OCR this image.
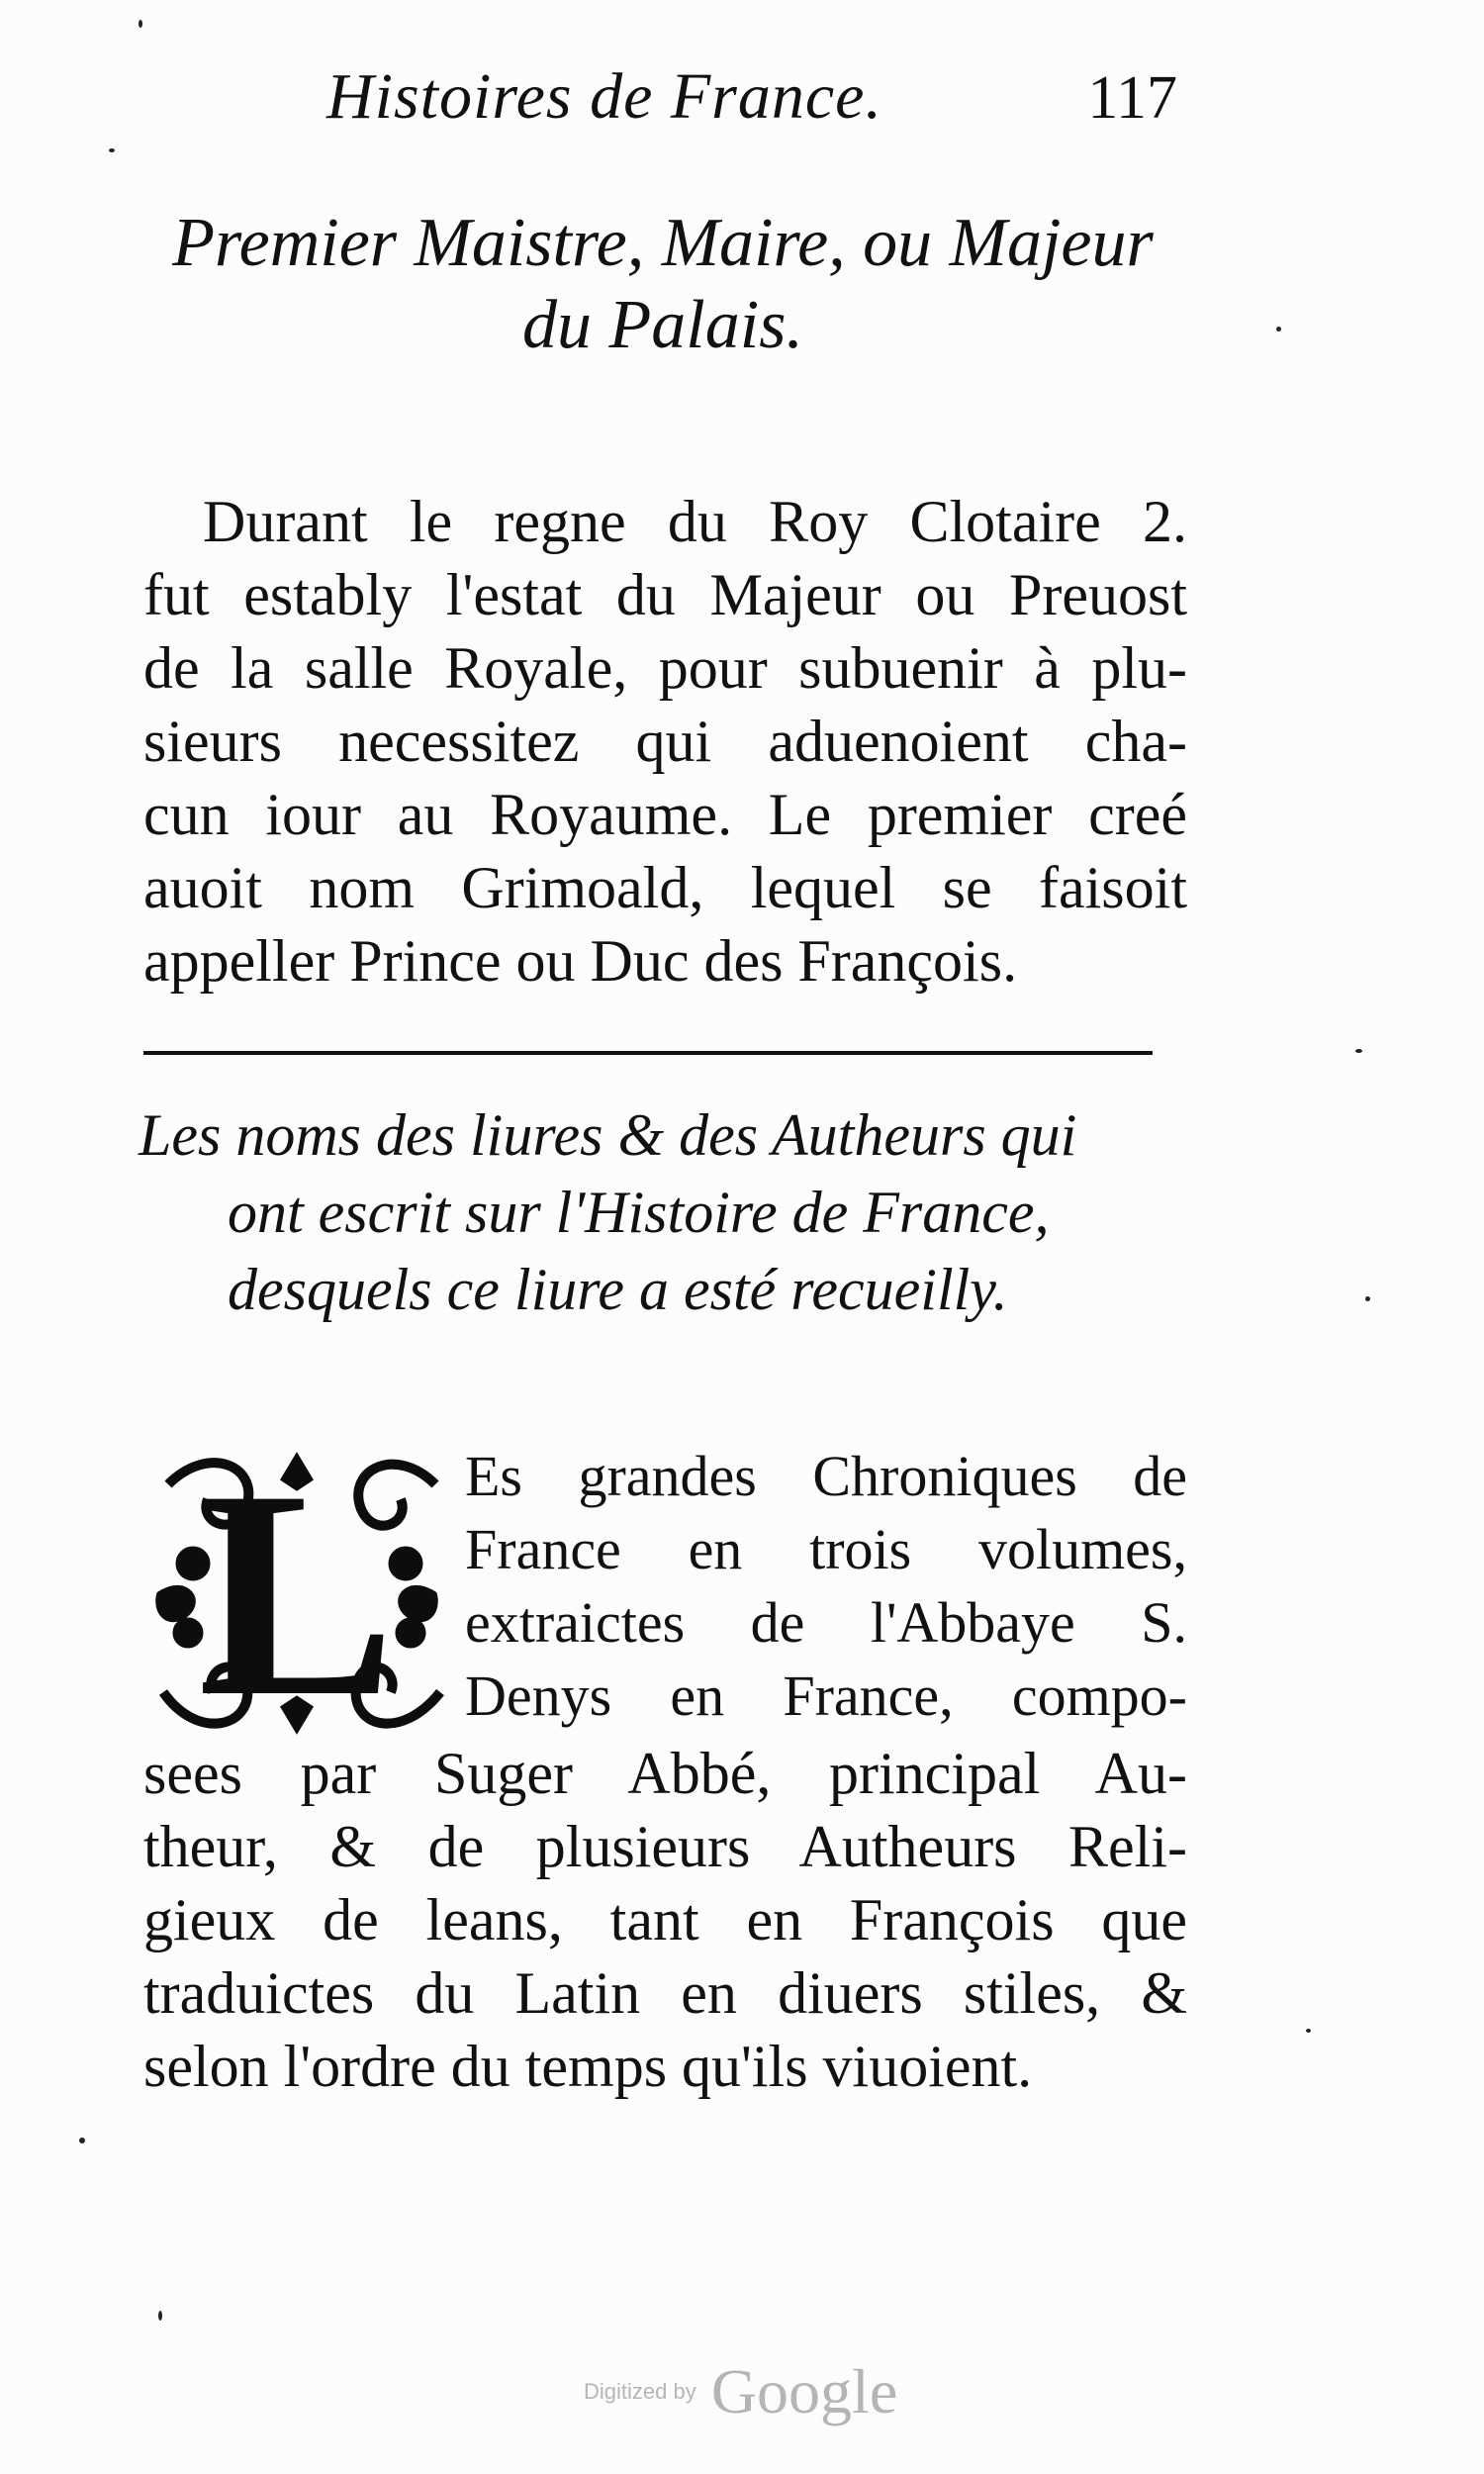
Histoires de France.	117
Premier Maistre, Maire, ou Majeur
du Palais.
Durant le regne du Roy Clotaire 2.
fut estably l'estat du Majeur ou Preuost
de la salle Royale, pour subuenir à plu-
sieurs necessitez qui aduenoient cha-
cun iour au Royaume. Le premier creé
auoit nom Grimoald, lequel se faisoit
appeller Prince ou Duc des François.
Les noms des liures & des Autheurs qui
ont escrit sur l'Histoire de France,
desquels ce liure a esté recueilly.
L	Es grandes Chroniques de
France en trois volumes,
extraictes de l'Abbaye S.
Denys en France, compo-
sees par Suger Abbé, principal Au-
theur, & de plusieurs Autheurs Reli-
gieux de leans, tant en François que
traduictes du Latin en diuers stiles, &
selon l'ordre du temps qu'ils viuoient.
Digitized by Google
